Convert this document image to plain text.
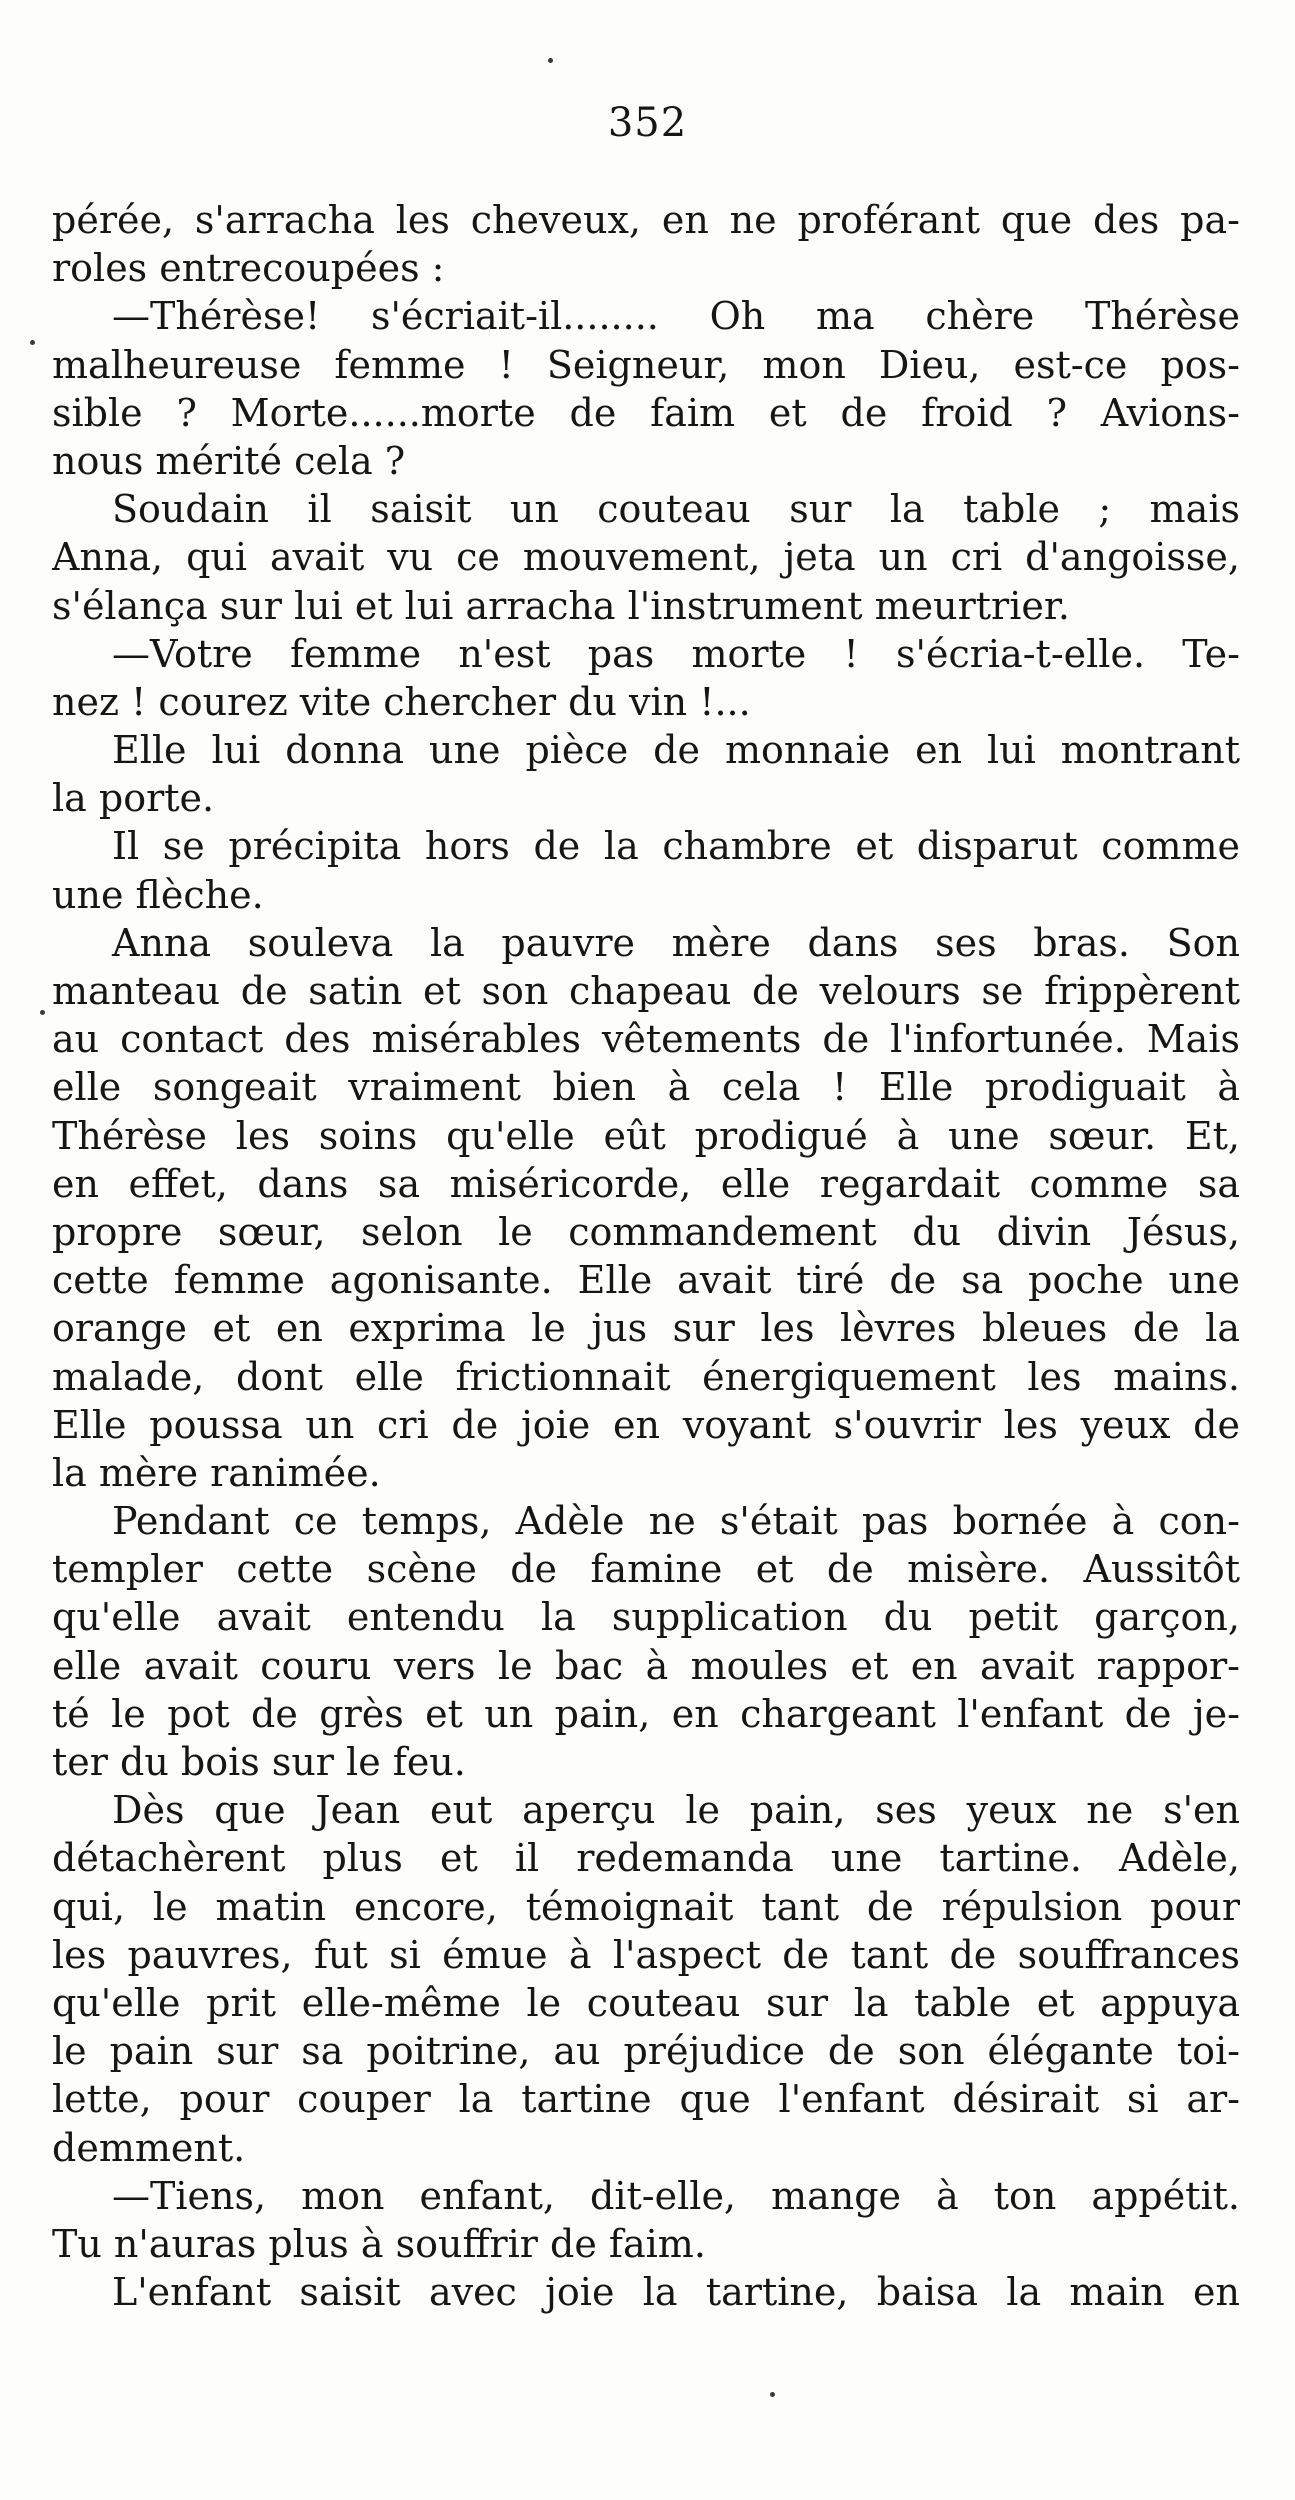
352
pérée, s'arracha les cheveux, en ne proférant que des pa-
roles entrecoupées :
—Thérèse! s'écriait-il........ Oh ma chère Thérèse
malheureuse femme ! Seigneur, mon Dieu, est-ce pos-
sible ? Morte......morte de faim et de froid ? Avions-
nous mérité cela ?
Soudain il saisit un couteau sur la table ; mais
Anna, qui avait vu ce mouvement, jeta un cri d'angoisse,
s'élança sur lui et lui arracha l'instrument meurtrier.
—Votre femme n'est pas morte ! s'écria-t-elle. Te-
nez ! courez vite chercher du vin !...
Elle lui donna une pièce de monnaie en lui montrant
la porte.
Il se précipita hors de la chambre et disparut comme
une flèche.
Anna souleva la pauvre mère dans ses bras. Son
manteau de satin et son chapeau de velours se frippèrent
au contact des misérables vêtements de l'infortunée. Mais
elle songeait vraiment bien à cela ! Elle prodiguait à
Thérèse les soins qu'elle eût prodigué à une sœur. Et,
en effet, dans sa miséricorde, elle regardait comme sa
propre sœur, selon le commandement du divin Jésus,
cette femme agonisante. Elle avait tiré de sa poche une
orange et en exprima le jus sur les lèvres bleues de la
malade, dont elle frictionnait énergiquement les mains.
Elle poussa un cri de joie en voyant s'ouvrir les yeux de
la mère ranimée.
Pendant ce temps, Adèle ne s'était pas bornée à con-
templer cette scène de famine et de misère. Aussitôt
qu'elle avait entendu la supplication du petit garçon,
elle avait couru vers le bac à moules et en avait rappor-
té le pot de grès et un pain, en chargeant l'enfant de je-
ter du bois sur le feu.
Dès que Jean eut aperçu le pain, ses yeux ne s'en
détachèrent plus et il redemanda une tartine. Adèle,
qui, le matin encore, témoignait tant de répulsion pour
les pauvres, fut si émue à l'aspect de tant de souffrances
qu'elle prit elle-même le couteau sur la table et appuya
le pain sur sa poitrine, au préjudice de son élégante toi-
lette, pour couper la tartine que l'enfant désirait si ar-
demment.
—Tiens, mon enfant, dit-elle, mange à ton appétit.
Tu n'auras plus à souffrir de faim.
L'enfant saisit avec joie la tartine, baisa la main en
